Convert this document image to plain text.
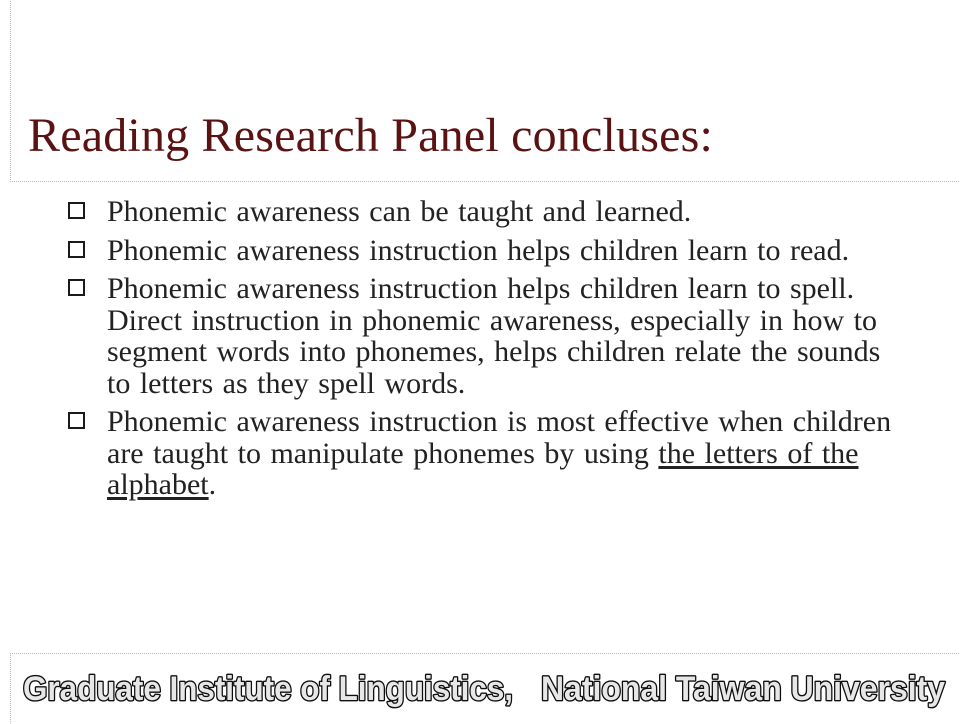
Reading Research Panel concluses:
Phonemic awareness can be taught and learned.
Phonemic awareness instruction helps children learn to read.
Phonemic awareness instruction helps children learn to spell. Direct instruction in phonemic awareness, especially in how to segment words into phonemes, helps children relate the sounds to letters as they spell words.
Phonemic awareness instruction is most effective when children are taught to manipulate phonemes by using the letters of the alphabet.
Graduate Institute of Linguistics, National Taiwan University
